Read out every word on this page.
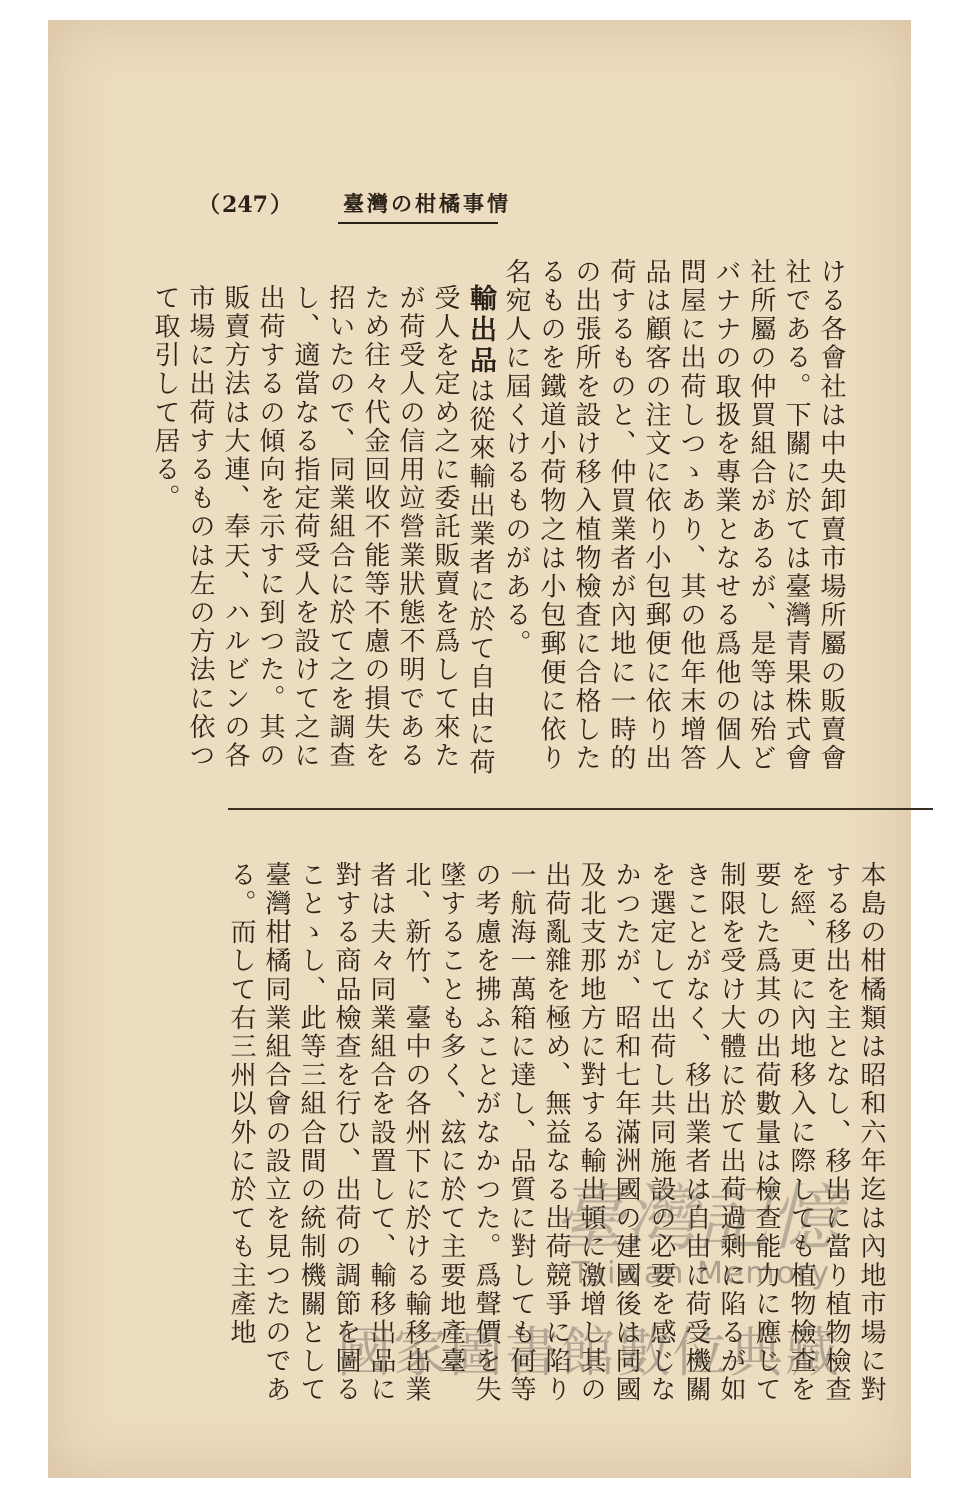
（247） 臺灣の柑橘事情

ける各會社は中央卸賣市場所屬の販賣會社である。下關に於ては臺灣青果株式會社所屬の仲買組合があるが、是等は殆どバナナの取扱を專業となせる爲他の個人問屋に出荷しつゝあり、其の他年末增答品は顧客の注文に依り小包郵便に依り出荷するものと、仲買業者が內地に一時的の出張所を設け移入植物檢査に合格したるものを鐵道小荷物之は小包郵便に依り名宛人に屆くけるものがある。

輸出品は從來輸出業者に於て自由に荷受人を定め之に委託販賣を爲して來たが荷受人の信用竝營業狀態不明であるため往々代金回收不能等不慮の損失を招いたので、同業組合に於て之を調查し、適當なる指定荷受人を設けて之に出荷するの傾向を示すに到つた。其の販賣方法は大連、奉天、ハルビンの各市場に出荷するものは左の方法に依つて取引して居る。

本島の柑橘類は昭和六年迄は內地市場に對する移出を主となし、移出に當り植物檢查を經、更に內地移入に際しても植物檢查を要した爲其の出荷數量は檢查能力に應じて制限を受け大體に於て出荷過剩に陷るが如きことがなく、移出業者は自由に荷受機關を選定して出荷し共同施設の必要を感じなかつたが、昭和七年滿洲國の建國後は同國及北支那地方に對する輸出頓に激增し其の出荷亂雜を極め、無益なる出荷競爭に陷り一航海一萬箱に達し、品質に對しても何等の考慮を拂ふことがなかつた。爲聲價を失墜することも多く、玆に於て主要地產臺北、新竹、臺中の各州下に於ける輸移出業者は夫々同業組合を設置して、輸移出品に對する商品檢查を行ひ、出荷の調節を圖ることゝし、此等三組合間の統制機關として臺灣柑橘同業組合會の設立を見つたのである。而して右三州以外に於ても主產地	臺灣記憶
Taiwan Memory
國家圖書館數位典藏
